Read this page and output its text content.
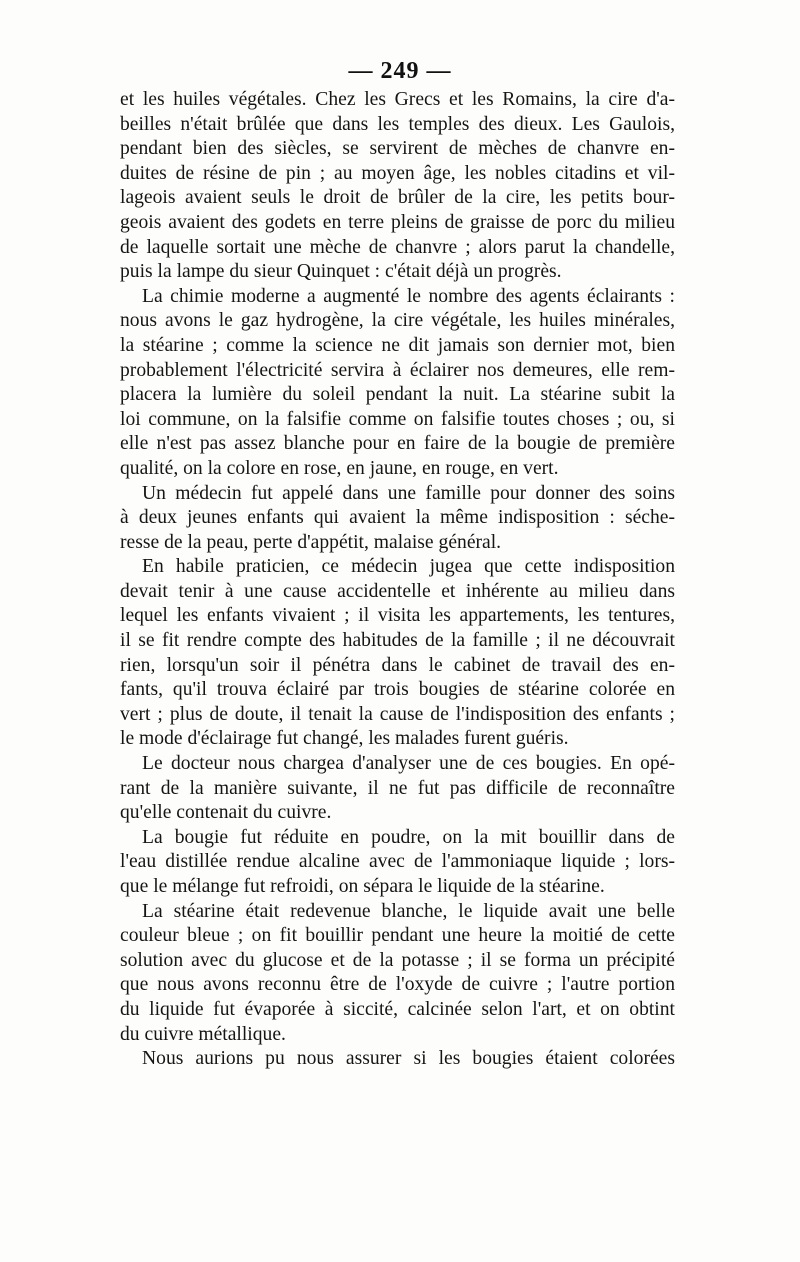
— 249 —
et les huiles végétales. Chez les Grecs et les Romains, la cire d'a-
beilles n'était brûlée que dans les temples des dieux. Les Gaulois,
pendant bien des siècles, se servirent de mèches de chanvre en-
duites de résine de pin ; au moyen âge, les nobles citadins et vil-
lageois avaient seuls le droit de brûler de la cire, les petits bour-
geois avaient des godets en terre pleins de graisse de porc du milieu
de laquelle sortait une mèche de chanvre ; alors parut la chandelle,
puis la lampe du sieur Quinquet : c'était déjà un progrès.
La chimie moderne a augmenté le nombre des agents éclairants :
nous avons le gaz hydrogène, la cire végétale, les huiles minérales,
la stéarine ; comme la science ne dit jamais son dernier mot, bien
probablement l'électricité servira à éclairer nos demeures, elle rem-
placera la lumière du soleil pendant la nuit. La stéarine subit la
loi commune, on la falsifie comme on falsifie toutes choses ; ou, si
elle n'est pas assez blanche pour en faire de la bougie de première
qualité, on la colore en rose, en jaune, en rouge, en vert.
Un médecin fut appelé dans une famille pour donner des soins
à deux jeunes enfants qui avaient la même indisposition : séche-
resse de la peau, perte d'appétit, malaise général.
En habile praticien, ce médecin jugea que cette indisposition
devait tenir à une cause accidentelle et inhérente au milieu dans
lequel les enfants vivaient ; il visita les appartements, les tentures,
il se fit rendre compte des habitudes de la famille ; il ne découvrait
rien, lorsqu'un soir il pénétra dans le cabinet de travail des en-
fants, qu'il trouva éclairé par trois bougies de stéarine colorée en
vert ; plus de doute, il tenait la cause de l'indisposition des enfants ;
le mode d'éclairage fut changé, les malades furent guéris.
Le docteur nous chargea d'analyser une de ces bougies. En opé-
rant de la manière suivante, il ne fut pas difficile de reconnaître
qu'elle contenait du cuivre.
La bougie fut réduite en poudre, on la mit bouillir dans de
l'eau distillée rendue alcaline avec de l'ammoniaque liquide ; lors-
que le mélange fut refroidi, on sépara le liquide de la stéarine.
La stéarine était redevenue blanche, le liquide avait une belle
couleur bleue ; on fit bouillir pendant une heure la moitié de cette
solution avec du glucose et de la potasse ; il se forma un précipité
que nous avons reconnu être de l'oxyde de cuivre ; l'autre portion
du liquide fut évaporée à siccité, calcinée selon l'art, et on obtint
du cuivre métallique.
Nous aurions pu nous assurer si les bougies étaient colorées
